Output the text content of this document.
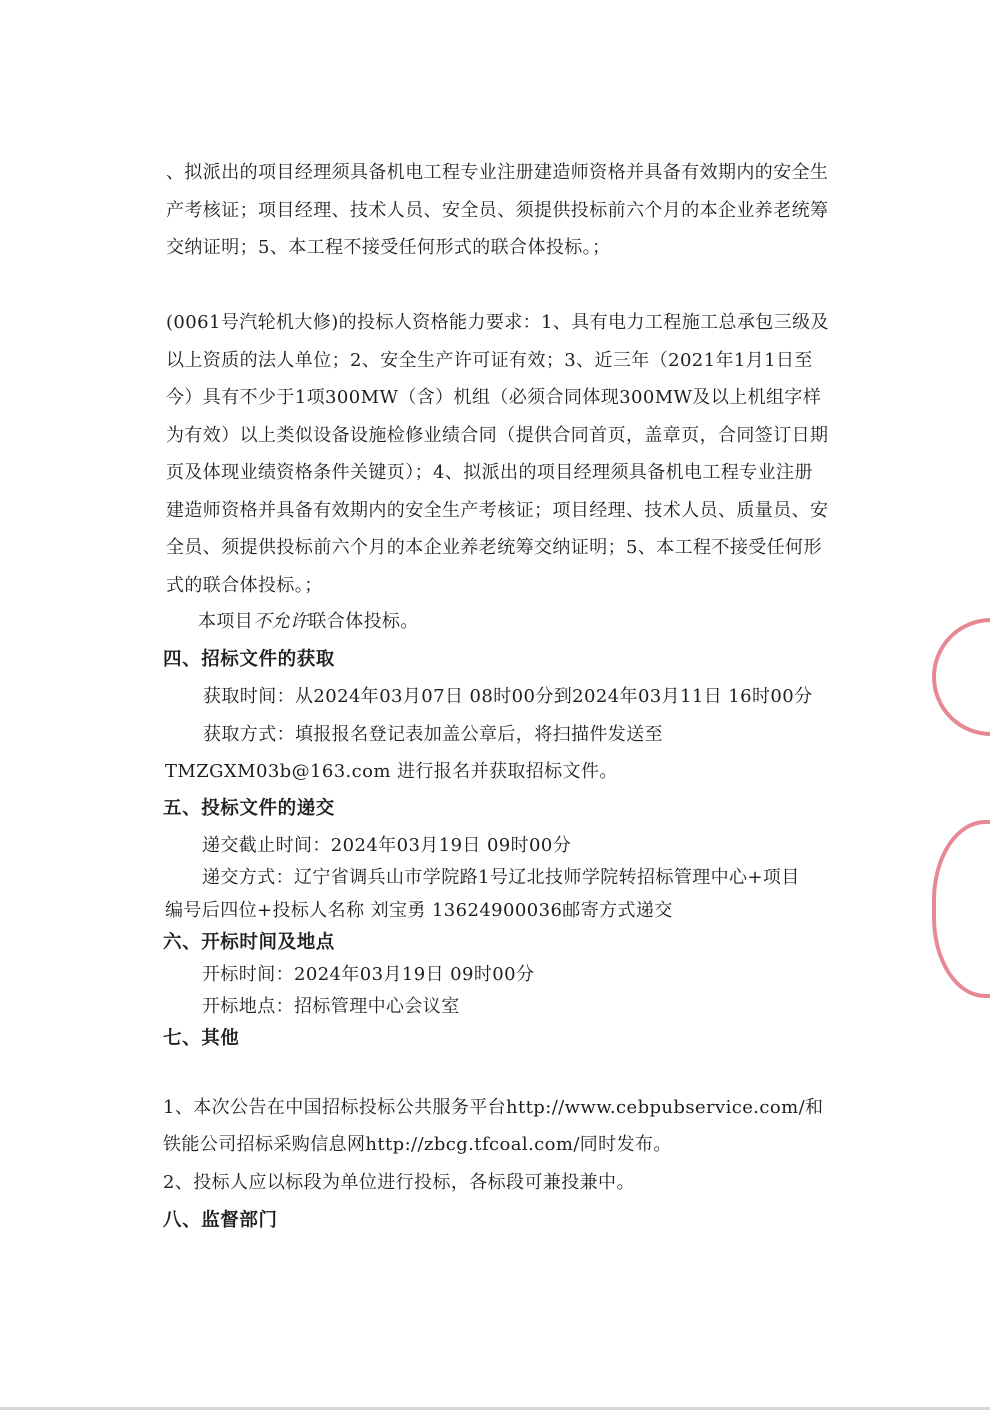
、拟派出的项目经理须具备机电工程专业注册建造师资格并具备有效期内的安全生产考核证；项目经理、技术人员、安全员、须提供投标前六个月的本企业养老统筹交纳证明；5、本工程不接受任何形式的联合体投标。；
(0061号汽轮机大修)的投标人资格能力要求：1、具有电力工程施工总承包三级及以上资质的法人单位；2、安全生产许可证有效；3、近三年（2021年1月1日至今）具有不少于1项300MW（含）机组（必须合同体现300MW及以上机组字样为有效）以上类似设备设施检修业绩合同（提供合同首页，盖章页，合同签订日期页及体现业绩资格条件关键页）；4、拟派出的项目经理须具备机电工程专业注册建造师资格并具备有效期内的安全生产考核证；项目经理、技术人员、质量员、安全员、须提供投标前六个月的本企业养老统筹交纳证明；5、本工程不接受任何形式的联合体投标。；
本项目不允许联合体投标。
四、招标文件的获取
获取时间：从2024年03月07日 08时00分到2024年03月11日 16时00分
获取方式：填报报名登记表加盖公章后，将扫描件发送至
TMZGXM03b@163.com 进行报名并获取招标文件。
五、投标文件的递交
递交截止时间：2024年03月19日 09时00分
递交方式：辽宁省调兵山市学院路1号辽北技师学院转招标管理中心+项目
编号后四位+投标人名称 刘宝勇 13624900036邮寄方式递交
六、开标时间及地点
开标时间：2024年03月19日 09时00分
开标地点：招标管理中心会议室
七、其他
1、本次公告在中国招标投标公共服务平台http://www.cebpubservice.com/和
铁能公司招标采购信息网http://zbcg.tfcoal.com/同时发布。
2、投标人应以标段为单位进行投标，各标段可兼投兼中。
八、监督部门
